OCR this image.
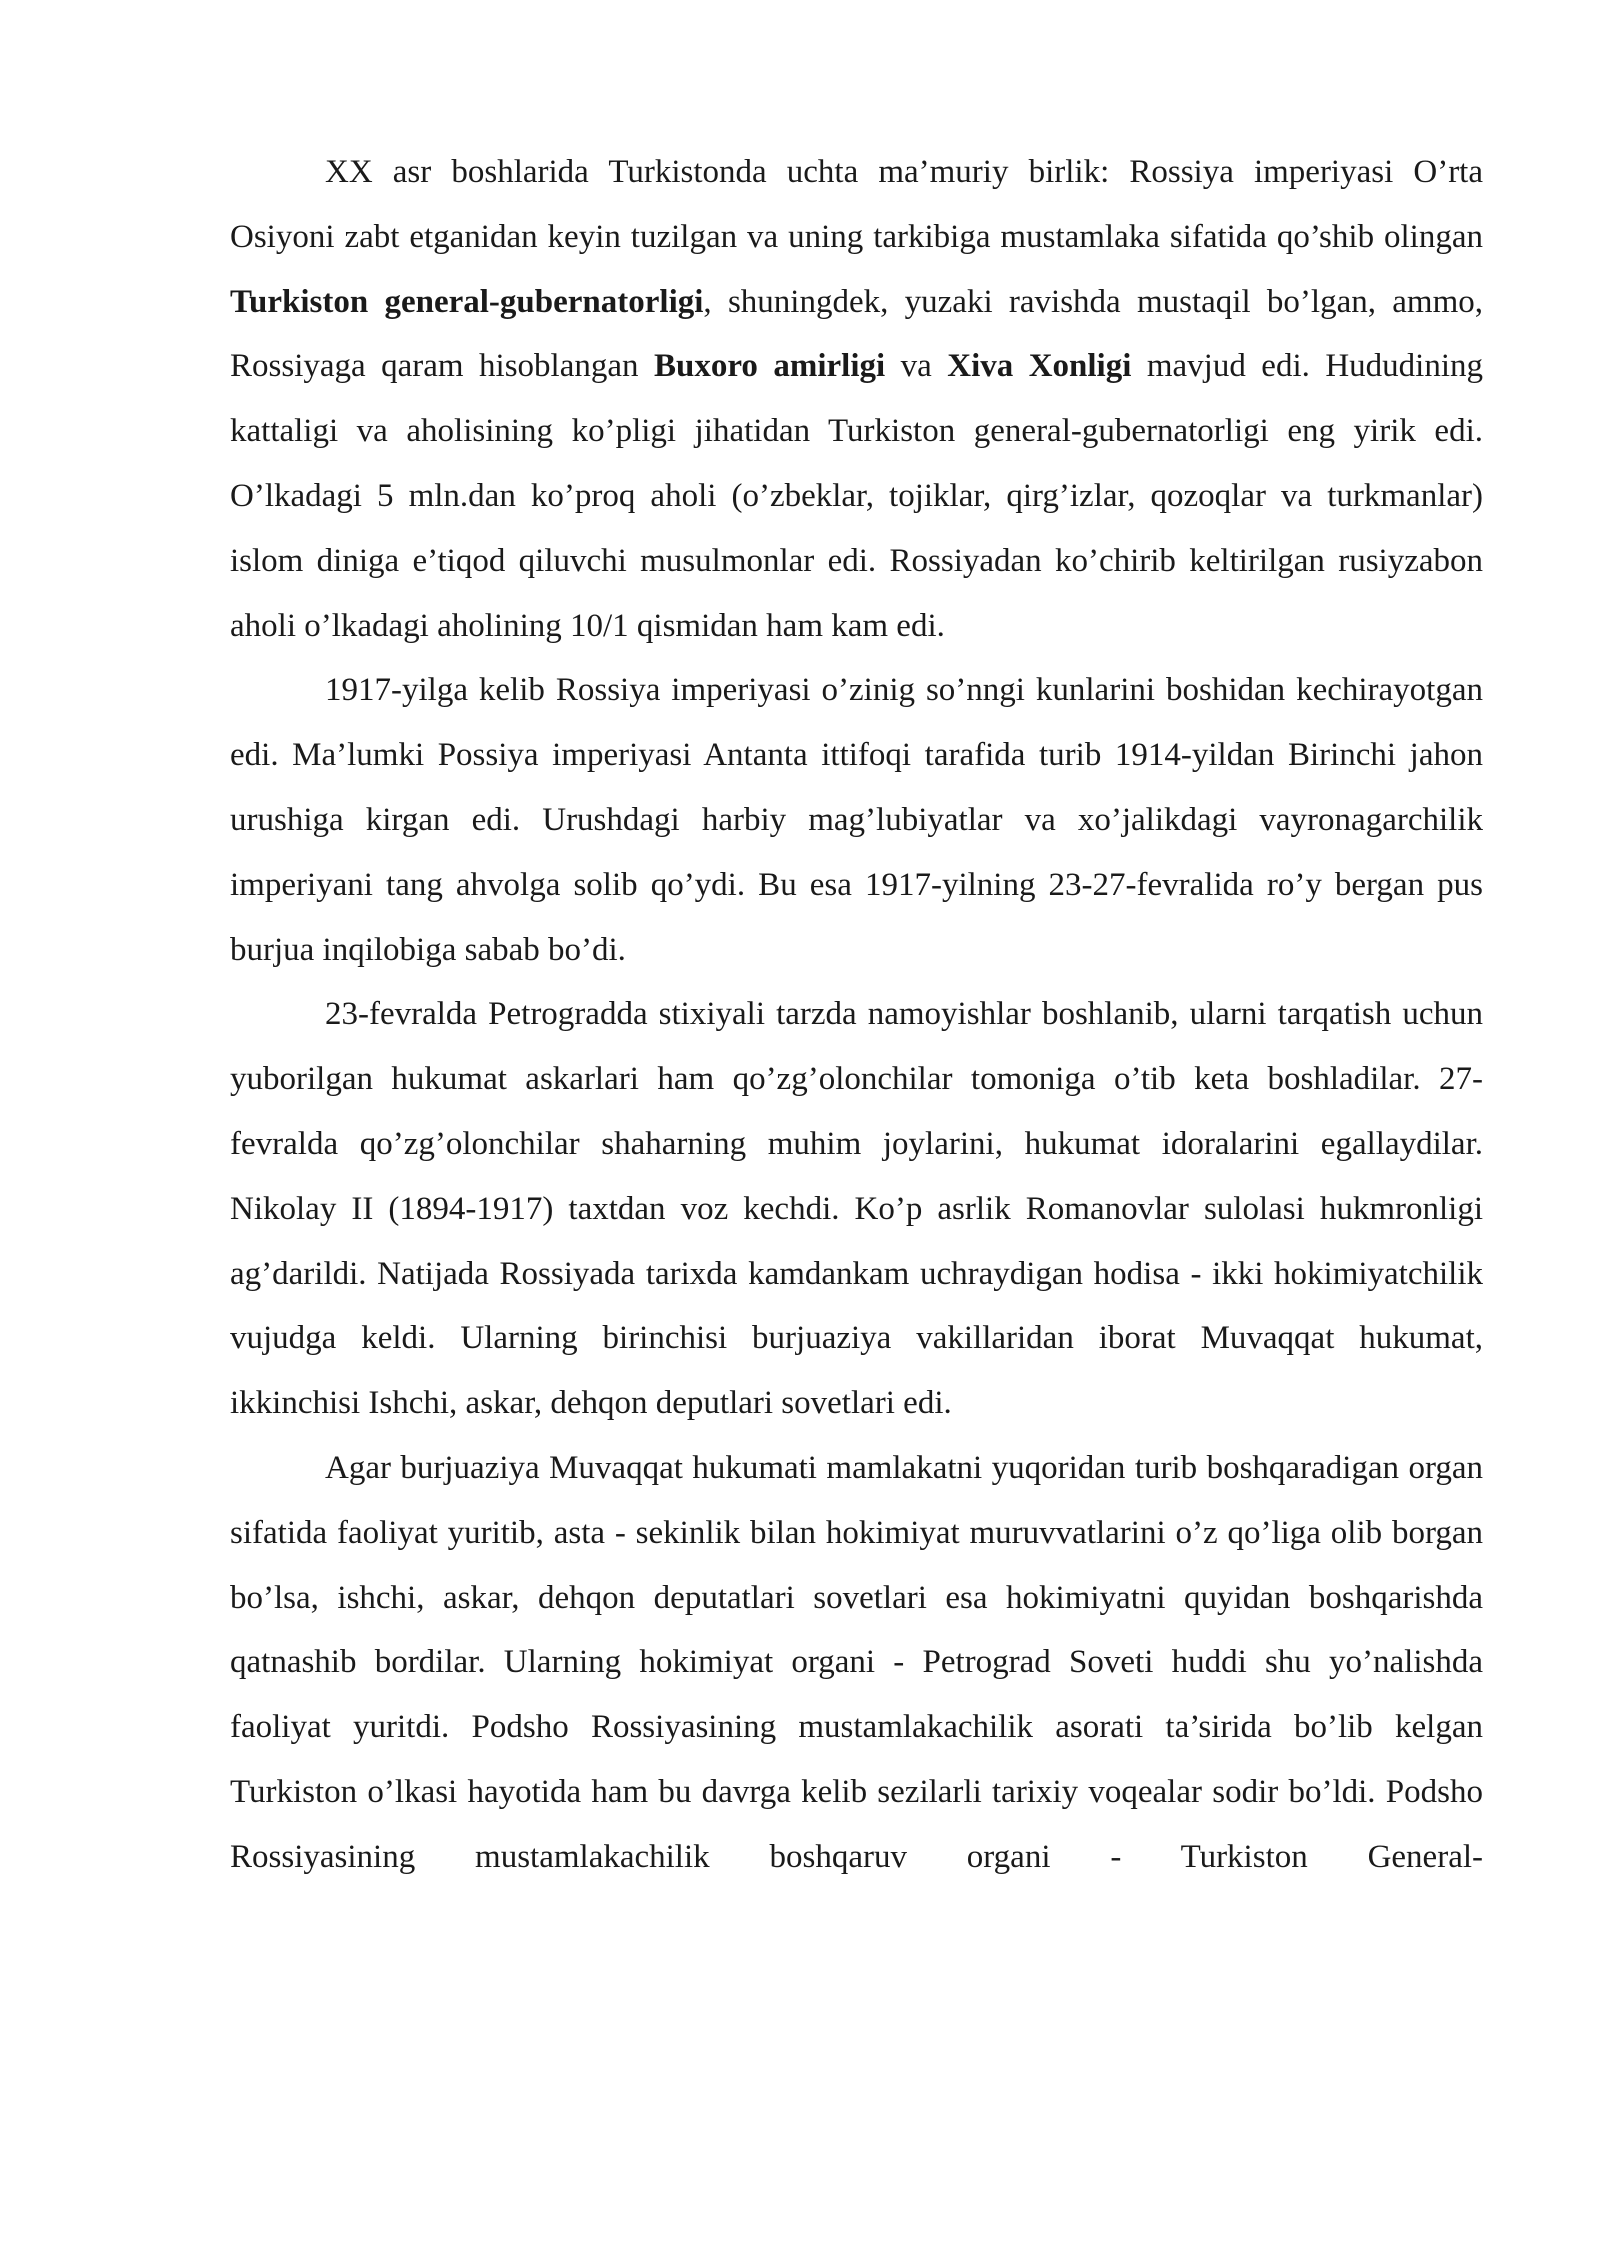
XX asr boshlarida Turkistonda uchta ma’muriy birlik: Rossiya imperiyasi O’rta Osiyoni zabt etganidan keyin tuzilgan va uning tarkibiga mustamlaka sifatida qo’shib olingan Turkiston general-gubernatorligi, shuningdek, yuzaki ravishda mustaqil bo’lgan, ammo, Rossiyaga qaram hisoblangan Buxoro amirligi va Xiva Xonligi mavjud edi. Hududining kattaligi va aholisining ko’pligi jihatidan Turkiston general-gubernatorligi eng yirik edi. O’lkadagi 5 mln.dan ko’proq aholi (o’zbeklar, tojiklar, qirg’izlar, qozoqlar va turkmanlar) islom diniga e’tiqod qiluvchi musulmonlar edi. Rossiyadan ko’chirib keltirilgan rusiyzabon aholi o’lkadagi aholining 10/1 qismidan ham kam edi.

1917-yilga kelib Rossiya imperiyasi o’zinig so’nngi kunlarini boshidan kechirayotgan edi. Ma’lumki Possiya imperiyasi Antanta ittifoqi tarafida turib 1914-yildan Birinchi jahon urushiga kirgan edi. Urushdagi harbiy mag’lubiyatlar va xo’jalikdagi vayronagarchilik imperiyani tang ahvolga solib qo’ydi. Bu esa 1917-yilning 23-27-fevralida ro’y bergan pus burjua inqilobiga sabab bo’di.

23-fevralda Petrogradda stixiyali tarzda namoyishlar boshlanib, ularni tarqatish uchun yuborilgan hukumat askarlari ham qo’zg’olonchilar tomoniga o’tib keta boshladilar. 27-fevralda qo’zg’olonchilar shaharning muhim joylarini, hukumat idoralarini egallaydilar. Nikolay II (1894-1917) taxtdan voz kechdi. Ko’p asrlik Romanovlar sulolasi hukmronligi ag’darildi. Natijada Rossiyada tarixda kamdankam uchraydigan hodisa - ikki hokimiyatchilik vujudga keldi. Ularning birinchisi burjuaziya vakillaridan iborat Muvaqqat hukumat, ikkinchisi Ishchi, askar, dehqon deputlari sovetlari edi.

Agar burjuaziya Muvaqqat hukumati mamlakatni yuqoridan turib boshqaradigan organ sifatida faoliyat yuritib, asta - sekinlik bilan hokimiyat muruvvatlarini o’z qo’liga olib borgan bo’lsa, ishchi, askar, dehqon deputatlari sovetlari esa hokimiyatni quyidan boshqarishda qatnashib bordilar. Ularning hokimiyat organi - Petrograd Soveti huddi shu yo’nalishda faoliyat yuritdi. Podsho Rossiyasining mustamlakachilik asorati ta’sirida bo’lib kelgan Turkiston o’lkasi hayotida ham bu davrga kelib sezilarli tarixiy voqealar sodir bo’ldi. Podsho Rossiyasining mustamlakachilik boshqaruv organi - Turkiston General-
